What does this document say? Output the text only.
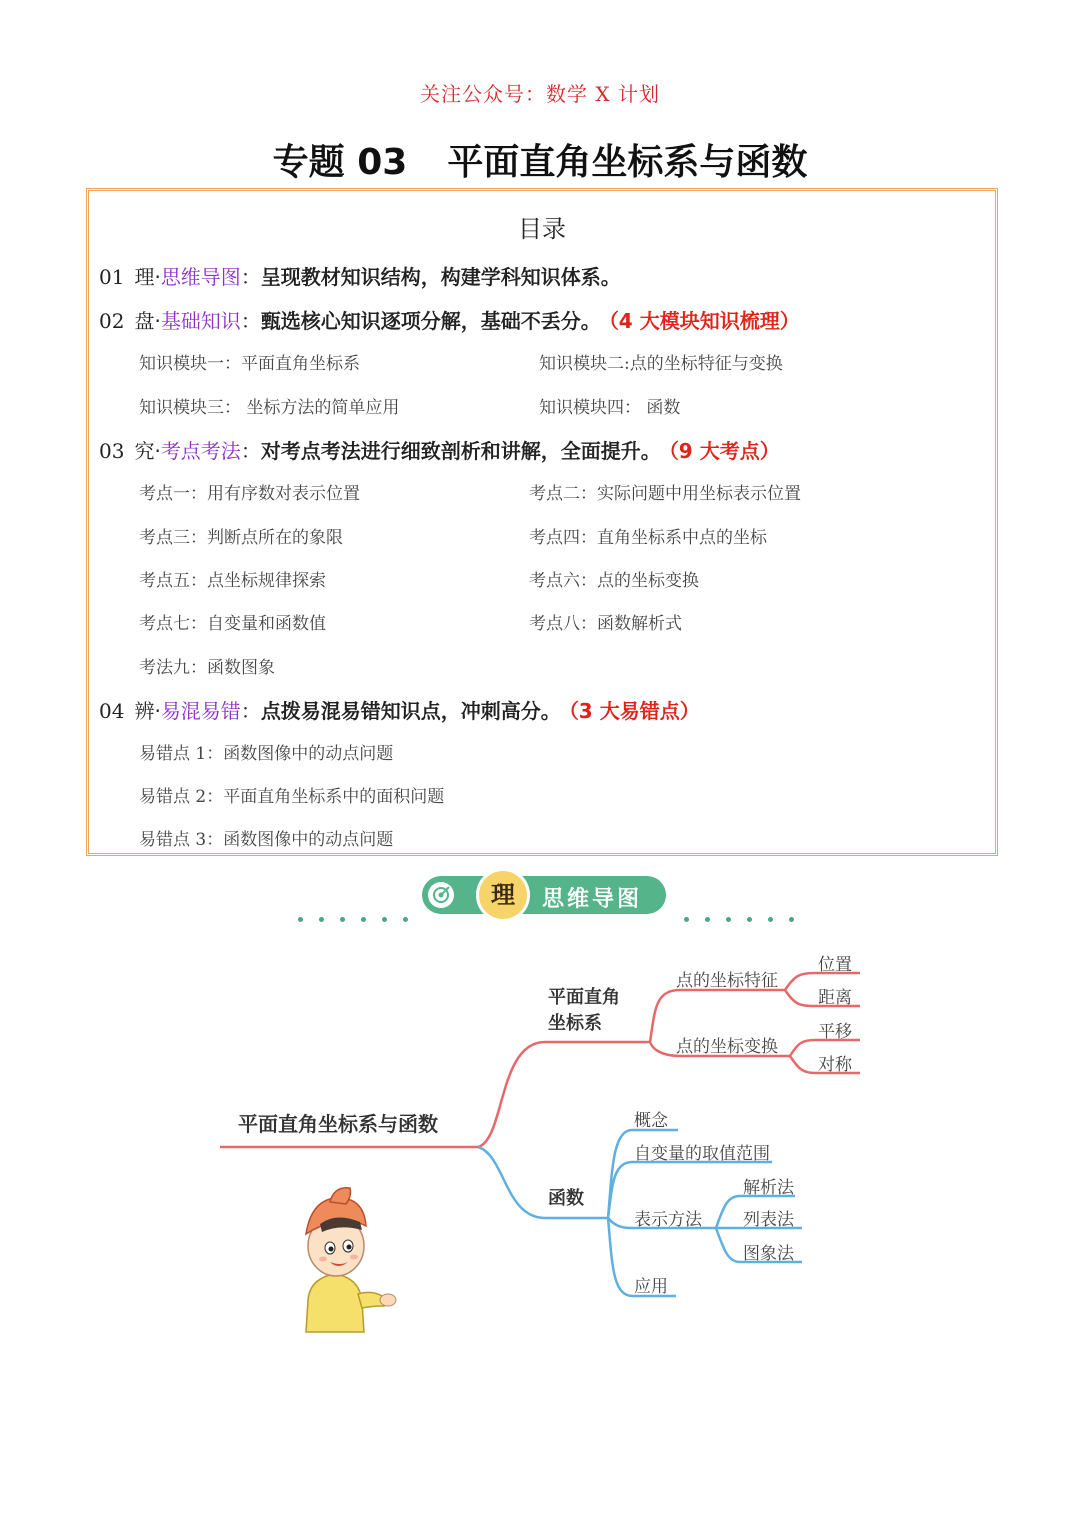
关注公众号：数学 X 计划
专题 03 平面直角坐标系与函数
目录
01 理·思维导图：呈现教材知识结构，构建学科知识体系。
02 盘·基础知识：甄选核心知识逐项分解，基础不丢分。 （4 大模块知识梳理）
知识模块一：平面直角坐标系	知识模块二:点的坐标特征与变换
知识模块三： 坐标方法的简单应用	知识模块四： 函数
03 究·考点考法：对考点考法进行细致剖析和讲解，全面提升。 （9 大考点）
考点一：用有序数对表示位置	考点二：实际问题中用坐标表示位置
考点三：判断点所在的象限	考点四：直角坐标系中点的坐标
考点五：点坐标规律探索	考点六：点的坐标变换
考点七：自变量和函数值	考点八：函数解析式
考法九：函数图象
04 辨·易混易错：点拨易混易错知识点，冲刺高分。 （3 大易错点）
易错点 1：函数图像中的动点问题
易错点 2：平面直角坐标系中的面积问题
易错点 3：函数图像中的动点问题
理	思维导图
平面直角坐标系与函数
平面直角
坐标系
点的坐标特征
点的坐标变换
位置
距离
平移
对称
函数
概念
自变量的取值范围
表示方法
应用
解析法
列表法
图象法
